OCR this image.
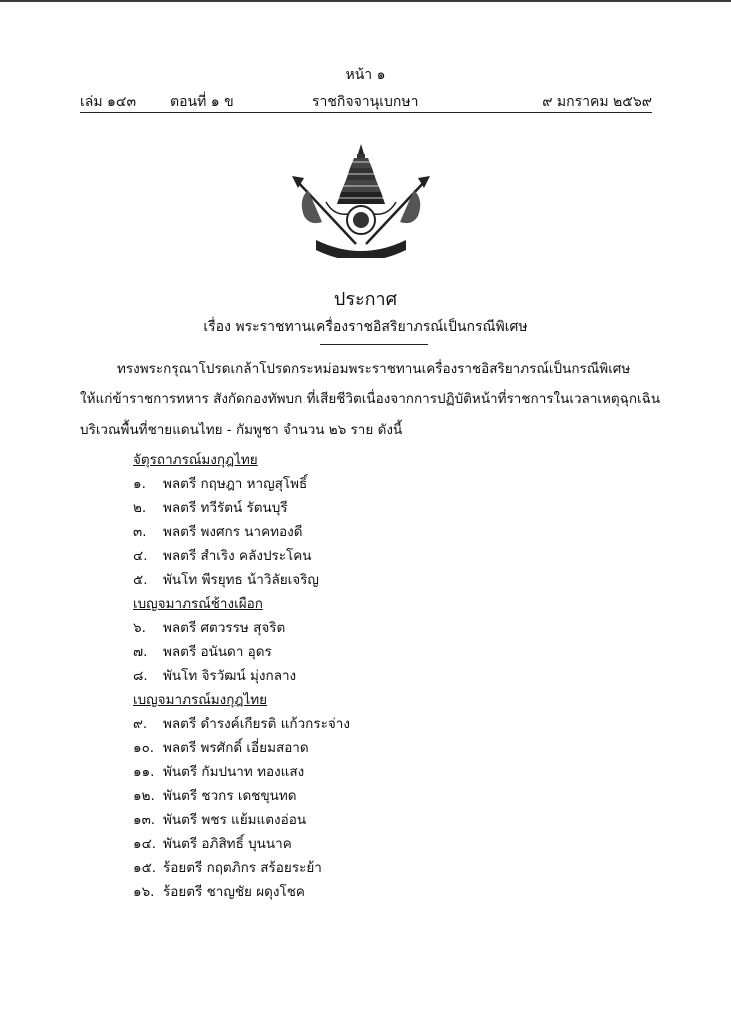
หน้า ๑
เล่ม ๑๔๓ ตอนที่ ๑ ข	ราชกิจจานุเบกษา	๙ มกราคม ๒๕๖๙
ประกาศ
เรื่อง พระราชทานเครื่องราชอิสริยาภรณ์เป็นกรณีพิเศษ
ทรงพระกรุณาโปรดเกล้าโปรดกระหม่อมพระราชทานเครื่องราชอิสริยาภรณ์เป็นกรณีพิเศษ
ให้แก่ข้าราชการทหาร สังกัดกองทัพบก ที่เสียชีวิตเนื่องจากการปฏิบัติหน้าที่ราชการในเวลาเหตุฉุกเฉิน
บริเวณพื้นที่ชายแดนไทย - กัมพูชา จำนวน ๒๖ ราย ดังนี้
จัตุรถาภรณ์มงกุฎไทย
๑. พลตรี กฤษฎา หาญสุโพธิ์
๒. พลตรี ทวีรัตน์ รัตนบุรี
๓. พลตรี พงศกร นาคทองดี
๔. พลตรี สำเริง คลังประโคน
๕. พันโท พีรยุทธ น้าวิลัยเจริญ
เบญจมาภรณ์ช้างเผือก
๖. พลตรี ศตวรรษ สุจริต
๗. พลตรี อนันดา อุดร
๘. พันโท จิรวัฒน์ มุ่งกลาง
เบญจมาภรณ์มงกุฎไทย
๙. พลตรี ดำรงค์เกียรติ แก้วกระจ่าง
๑๐. พลตรี พรศักดิ์ เอี่ยมสอาด
๑๑. พันตรี กัมปนาท ทองแสง
๑๒. พันตรี ชวกร เดชขุนทด
๑๓. พันตรี พชร แย้มแตงอ่อน
๑๔. พันตรี อภิสิทธิ์ บุนนาค
๑๕. ร้อยตรี กฤตภิกร สร้อยระย้า
๑๖. ร้อยตรี ชาญชัย ผดุงโชค
